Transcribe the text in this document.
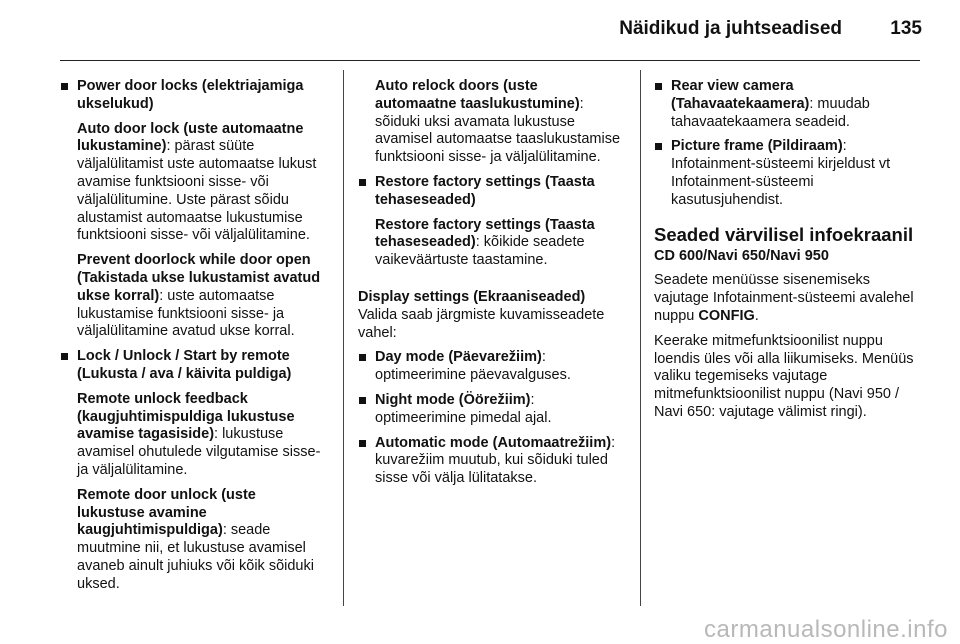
Näidikud ja juhtseadised	135
Power door locks (elektriajamiga ukselukud)
Auto door lock (uste automaatne lukustamine): pärast süüte väljalülitamist uste automaatse lukust avamise funktsiooni sisse- või väljalülitumine. Uste pärast sõidu alustamist automaatse lukustumise funktsiooni sisse- või väljalülitamine.
Prevent doorlock while door open (Takistada ukse lukustamist avatud ukse korral): uste automaatse lukustamise funktsiooni sisse- ja väljalülitamine avatud ukse korral.
Lock / Unlock / Start by remote (Lukusta / ava / käivita puldiga)
Remote unlock feedback (kaugjuhtimispuldiga lukustuse avamise tagasiside): lukustuse avamisel ohutulede vilgutamise sisse- ja väljalülitamine.
Remote door unlock (uste lukustuse avamine kaugjuhtimispuldiga): seade muutmine nii, et lukustuse avamisel avaneb ainult juhiuks või kõik sõiduki uksed.
Auto relock doors (uste automaatne taaslukustumine): sõiduki uksi avamata lukustuse avamisel automaatse taaslukustamise funktsiooni sisse- ja väljalülitamine.
Restore factory settings (Taasta tehaseseaded)
Restore factory settings (Taasta tehaseseaded): kõikide seadete vaikeväärtuste taastamine.
Display settings (Ekraaniseaded)
Valida saab järgmiste kuvamisseadete vahel:
Day mode (Päevarežiim): optimeerimine päevavalguses.
Night mode (Öörežiim): optimeerimine pimedal ajal.
Automatic mode (Automaatrežiim): kuvarežiim muutub, kui sõiduki tuled sisse või välja lülitatakse.
Rear view camera (Tahavaatekaamera): muudab tahavaatekaamera seadeid.
Picture frame (Pildiraam): Infotainment-süsteemi kirjeldust vt Infotainment-süsteemi kasutusjuhendist.
Seaded värvilisel infoekraanil
CD 600/Navi 650/Navi 950
Seadete menüüsse sisenemiseks vajutage Infotainment-süsteemi avalehel nuppu CONFIG.
Keerake mitmefunktsioonilist nuppu loendis üles või alla liikumiseks. Menüüs valiku tegemiseks vajutage mitmefunktsioonilist nuppu (Navi 950 / Navi 650: vajutage välimist ringi).
carmanualsonline.info
